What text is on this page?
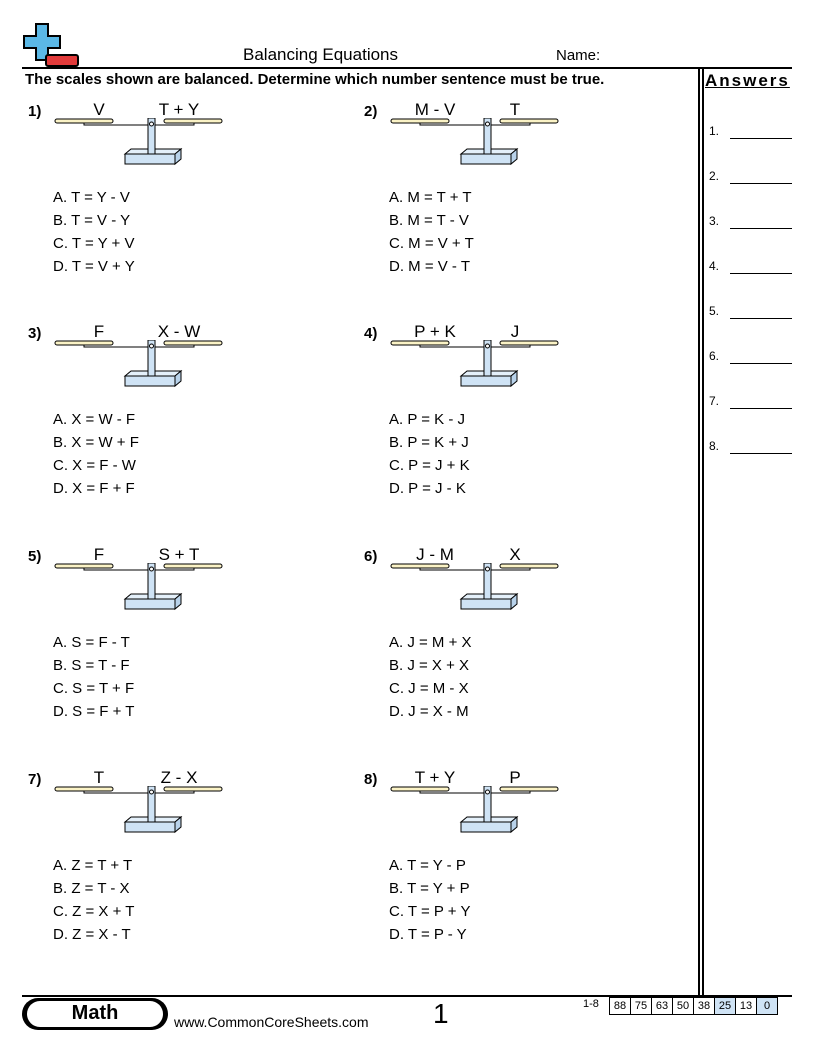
Balancing Equations	Name:
The scales shown are balanced. Determine which number sentence must be true.	Answers
1.
2.
3.
4.
5.
6.
7.
8.
1)	V	T + Y
A. T = Y - V
B. T = V - Y
C. T = Y + V
D. T = V + Y
2)	M - V	T
A. M = T + T
B. M = T - V
C. M = V + T
D. M = V - T
3)	F	X - W
A. X = W - F
B. X = W + F
C. X = F - W
D. X = F + F
4)	P + K	J
A. P = K - J
B. P = K + J
C. P = J + K
D. P = J - K
5)	F	S + T
A. S = F - T
B. S = T - F
C. S = T + F
D. S = F + T
6)	J - M	X
A. J = M + X
B. J = X + X
C. J = M - X
D. J = X - M
7)	T	Z - X
A. Z = T + T
B. Z = T - X
C. Z = X + T
D. Z = X - T
8)	T + Y	P
A. T = Y - P
B. T = Y + P
C. T = P + Y
D. T = P - Y
Math	www.CommonCoreSheets.com 1	1-8 88	75	63	50	38	25	13	0
